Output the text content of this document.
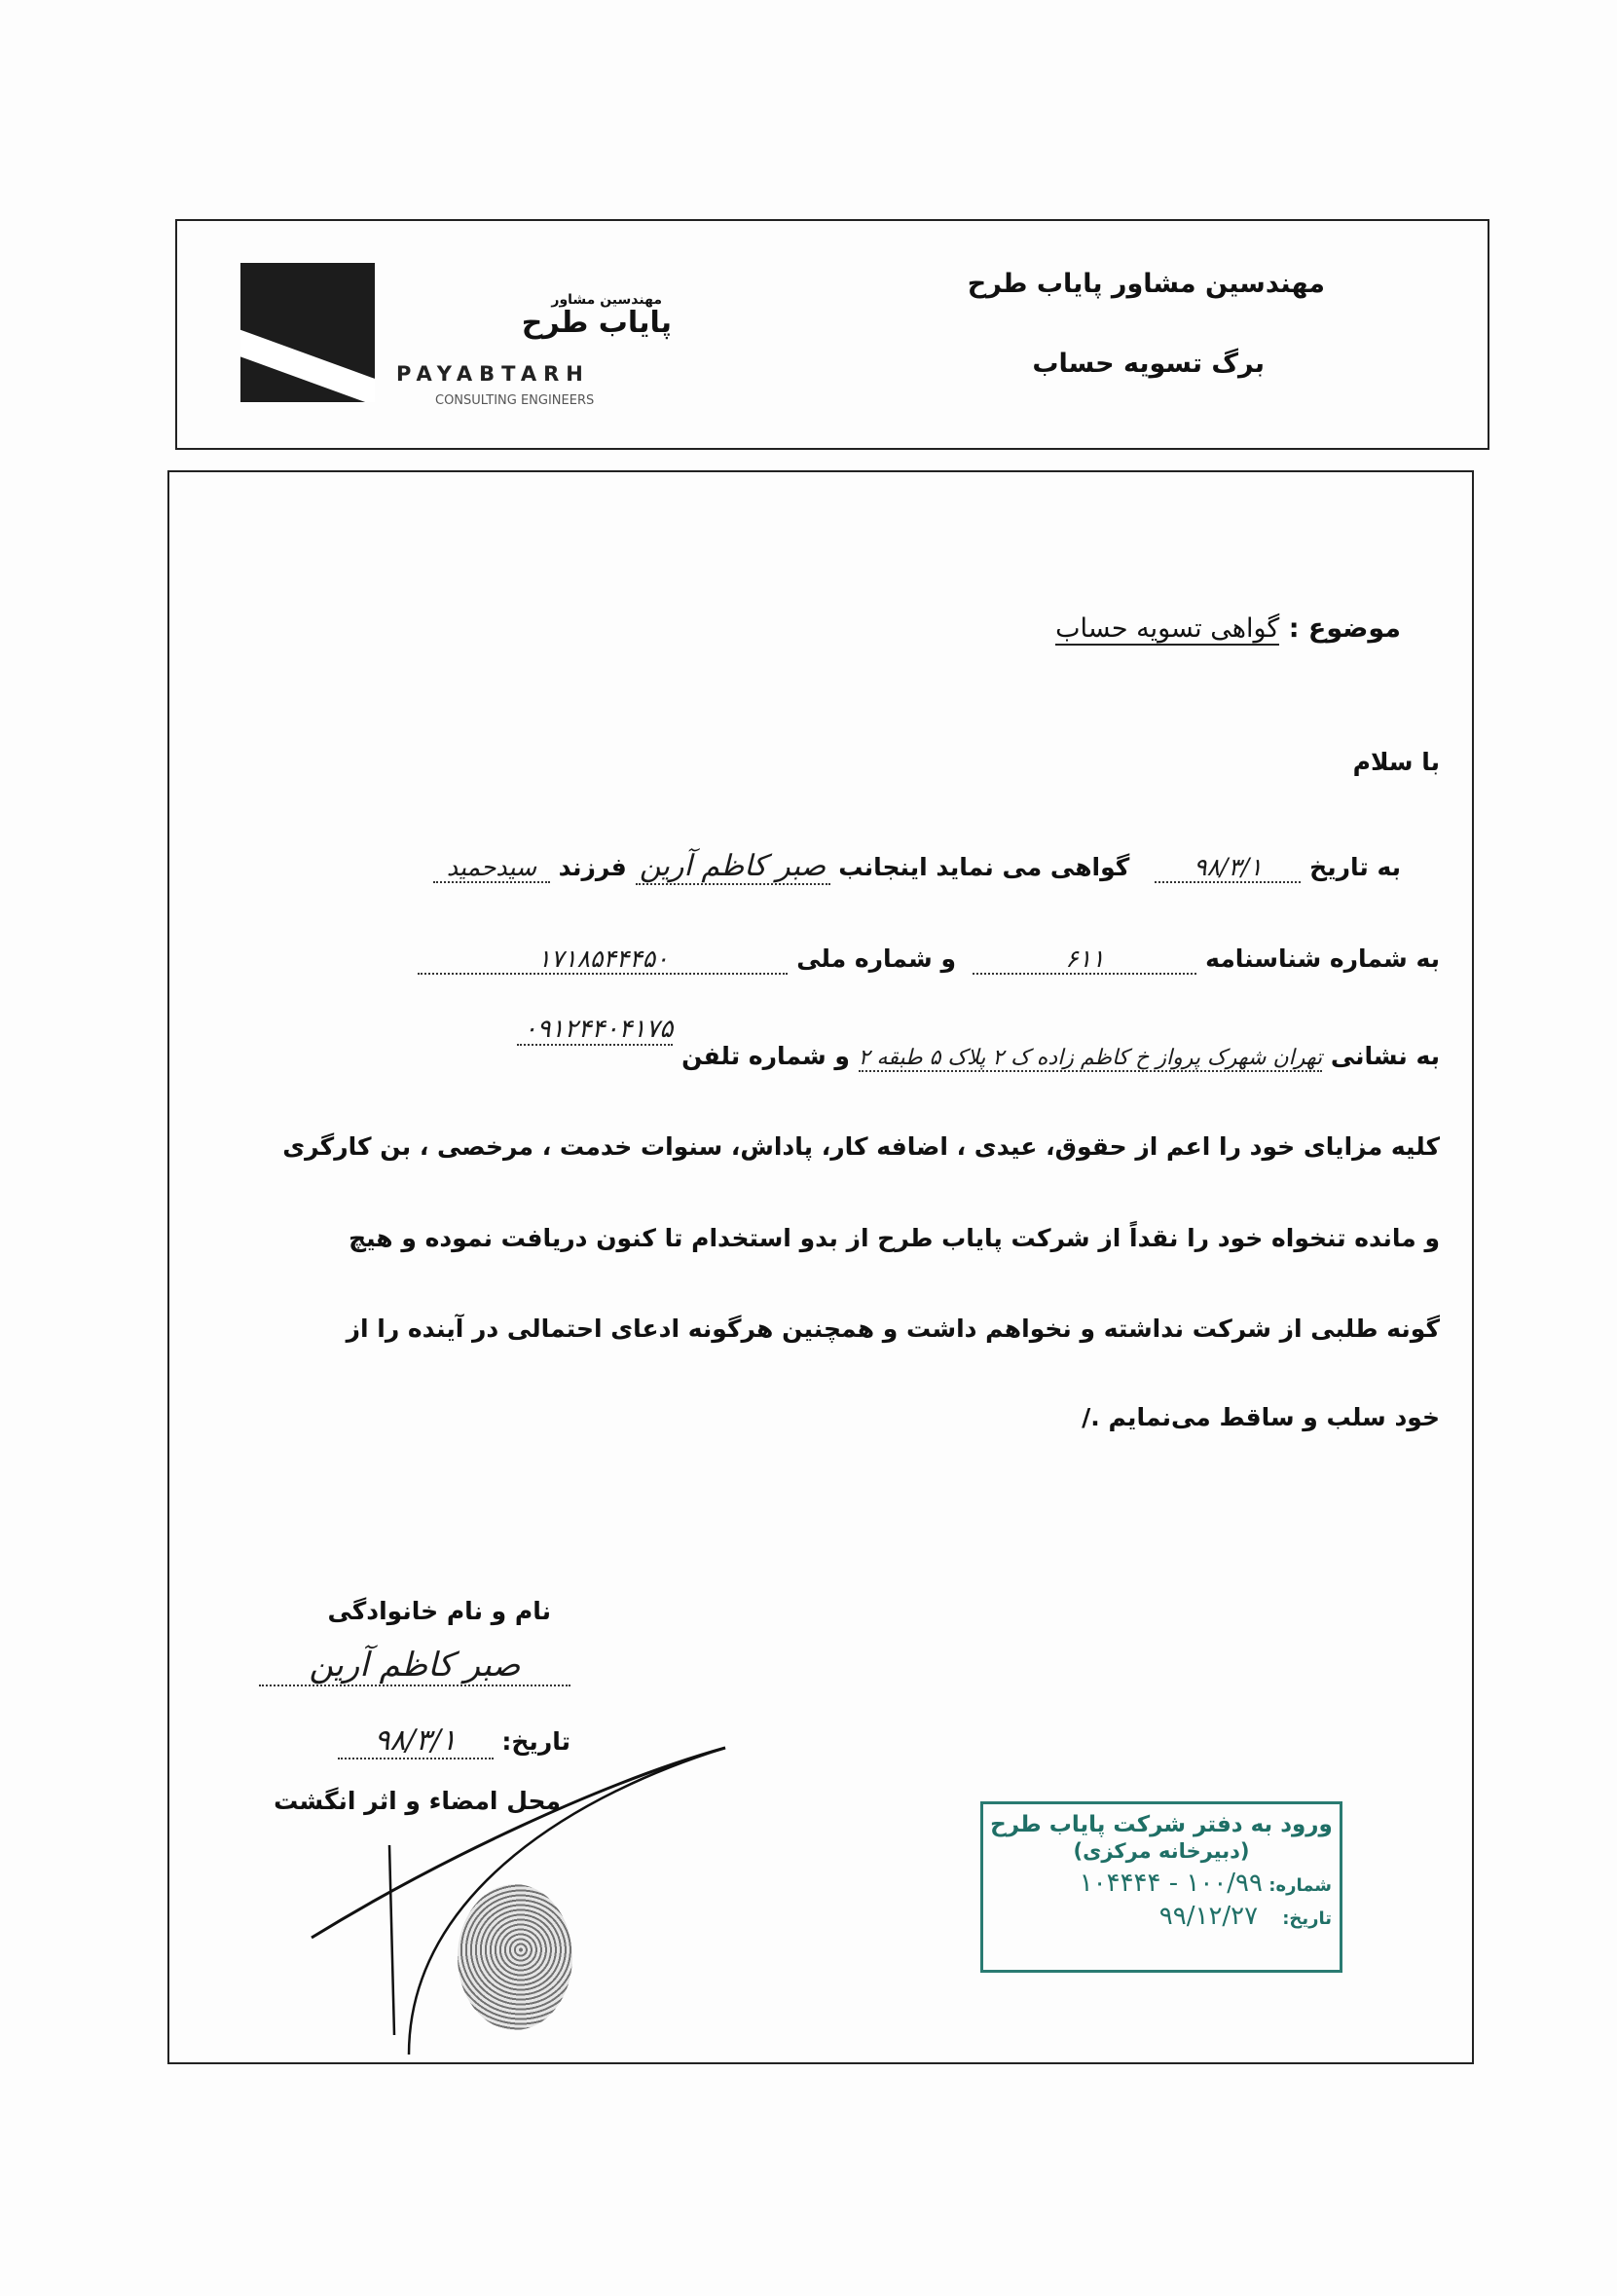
مهندسین مشاور
پایاب طرح
PAYABTARH
CONSULTING ENGINEERS
مهندسین مشاور پایاب طرح
برگ تسویه حساب
موضوع : گواهی تسویه حساب
با سلام
به تاریخ ۹۸/۳/۱   گواهی می نماید اینجانب صبر کاظم آرین فرزند سیدحمید
به شماره شناسنامه ۶۱۱  و شماره ملی ۱۷۱۸۵۴۴۴۵۰
به نشانی تهران شهرک پرواز خ کاظم زاده ک ۲ پلاک ۵ طبقه ۲ و شماره تلفن ۰۹۱۲۴۴۰۴۱۷۵
کلیه مزایای خود را اعم از حقوق، عیدی ، اضافه کار، پاداش، سنوات خدمت ، مرخصی ، بن کارگری
و مانده تنخواه خود را نقداً از شرکت پایاب طرح از بدو استخدام تا کنون دریافت نموده و هیچ
گونه طلبی از شرکت نداشته و نخواهم داشت و همچنین هرگونه ادعای احتمالی در آینده را از
خود سلب و ساقط می‌نمایم ./
نام و نام خانوادگی
صبر کاظم آرین
تاریخ: ۹۸/۳/۱
محل امضاء و اثر انگشت
ورود به دفتر شرکت پایاب طرح
(دبیرخانه مرکزی)
شماره: ۱۰۰/۹۹ - ۱۰۴۴۴۴
تاریخ:    ۹۹/۱۲/۲۷
